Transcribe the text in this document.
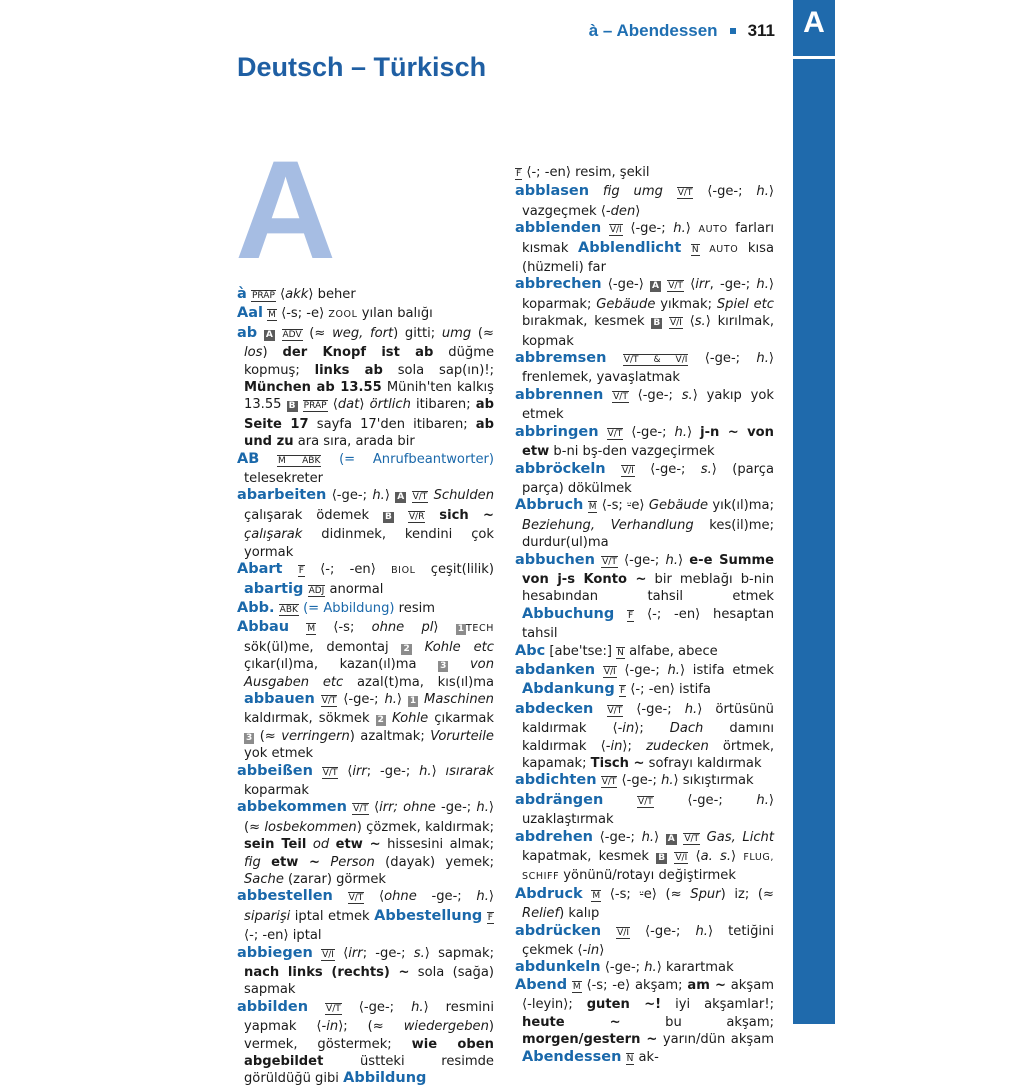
à – Abendessen 311 A
Deutsch – Türkisch
A
à PRÄP ⟨akk⟩ beher
Aal M ⟨-s; -e⟩ ZOOL yılan balığı
ab A ADV (≈ weg, fort) gitti; umg (≈ los) der Knopf ist ab düğme kopmuş; links ab sola sap(ın)!; München ab 13.55 Münih'ten kalkış 13.55 B PRÄP ⟨dat⟩ örtlich itibaren; ab Seite 17 sayfa 17'den itibaren; ab und zu ara sıra, arada bir
AB M ABK (= Anrufbeantworter) telesekreter
abarbeiten ⟨-ge-; h.⟩ A V/T Schulden çalışarak ödemek B V/R sich ~ çalışarak didinmek, kendini çok yormak
Abart F ⟨-; -en⟩ BIOL çeşit(lilik) abartig ADJ anormal
Abb. ABK (= Abbildung) resim
Abbau M ⟨-s; ohne pl⟩ 1 TECH sök(ül)me, demontaj 2 Kohle etc çıkar(ıl)ma, kazan(ıl)ma 3 von Ausgaben etc azal(t)ma, kıs(ıl)ma abbauen V/T ⟨-ge-; h.⟩ 1 Maschinen kaldırmak, sökmek 2 Kohle çıkarmak 3 (≈ verringern) azaltmak; Vorurteile yok etmek
abbeißen V/T ⟨irr; -ge-; h.⟩ ısırarak koparmak
abbekommen V/T ⟨irr; ohne -ge-; h.⟩ (≈ losbekommen) çözmek, kaldırmak; sein Teil od etw ~ hissesini almak; fig etw ~ Person (dayak) yemek; Sache (zarar) görmek
abbestellen V/T ⟨ohne -ge-; h.⟩ siparişi iptal etmek Abbestellung F ⟨-; -en⟩ iptal
abbiegen V/I ⟨irr; -ge-; s.⟩ sapmak; nach links (rechts) ~ sola (sağa) sapmak
abbilden V/T ⟨-ge-; h.⟩ resmini yapmak ⟨-in⟩; (≈ wiedergeben) vermek, göstermek; wie oben abgebildet üstteki resimde görüldüğü gibi Abbildung
F ⟨-; -en⟩ resim, şekil
abblasen fig umg V/T ⟨-ge-; h.⟩ vazgeçmek ⟨-den⟩
abblenden V/I ⟨-ge-; h.⟩ AUTO farları kısmak Abblendlicht N AUTO kısa (hüzmeli) far
abbrechen ⟨-ge-⟩ A V/T ⟨irr, -ge-; h.⟩ koparmak; Gebäude yıkmak; Spiel etc bırakmak, kesmek B V/I ⟨s.⟩ kırılmak, kopmak
abbremsen V/T & V/I ⟨-ge-; h.⟩ frenlemek, yavaşlatmak
abbrennen V/T ⟨-ge-; s.⟩ yakıp yok etmek
abbringen V/T ⟨-ge-; h.⟩ j-n ~ von etw b-ni bş-den vazgeçirmek
abbröckeln V/I ⟨-ge-; s.⟩ (parça parça) dökülmek
Abbruch M ⟨-s; ⸚e⟩ Gebäude yık(ıl)ma; Beziehung, Verhandlung kes(il)me; durdur(ul)ma
abbuchen V/T ⟨-ge-; h.⟩ e-e Summe von j-s Konto ~ bir meblağı b-nin hesabından tahsil etmek Abbuchung F ⟨-; -en⟩ hesaptan tahsil
Abc [abe'tse:] N alfabe, abece
abdanken V/I ⟨-ge-; h.⟩ istifa etmek Abdankung F ⟨-; -en⟩ istifa
abdecken V/T ⟨-ge-; h.⟩ örtüsünü kaldırmak ⟨-in⟩; Dach damını kaldırmak ⟨-in⟩; zudecken örtmek, kapamak; Tisch ~ sofrayı kaldırmak
abdichten V/T ⟨-ge-; h.⟩ sıkıştırmak
abdrängen	V/T ⟨-ge-; h.⟩ uzaklaştırmak
abdrehen ⟨-ge-; h.⟩ A V/T Gas, Licht kapatmak, kesmek B V/I ⟨a. s.⟩ FLUG, SCHIFF yönünü/rotayı değiştirmek
Abdruck M ⟨-s; ⸚e⟩ (≈ Spur) iz; (≈ Relief) kalıp
abdrücken V/I ⟨-ge-; h.⟩ tetiğini çekmek ⟨-in⟩
abdunkeln ⟨-ge-; h.⟩ karartmak
Abend M ⟨-s; -e⟩ akşam; am ~ akşam ⟨-leyin⟩; guten ~! iyi akşamlar!; heute ~ bu akşam; morgen/gestern ~ yarın/dün akşam Abendessen N ak-
